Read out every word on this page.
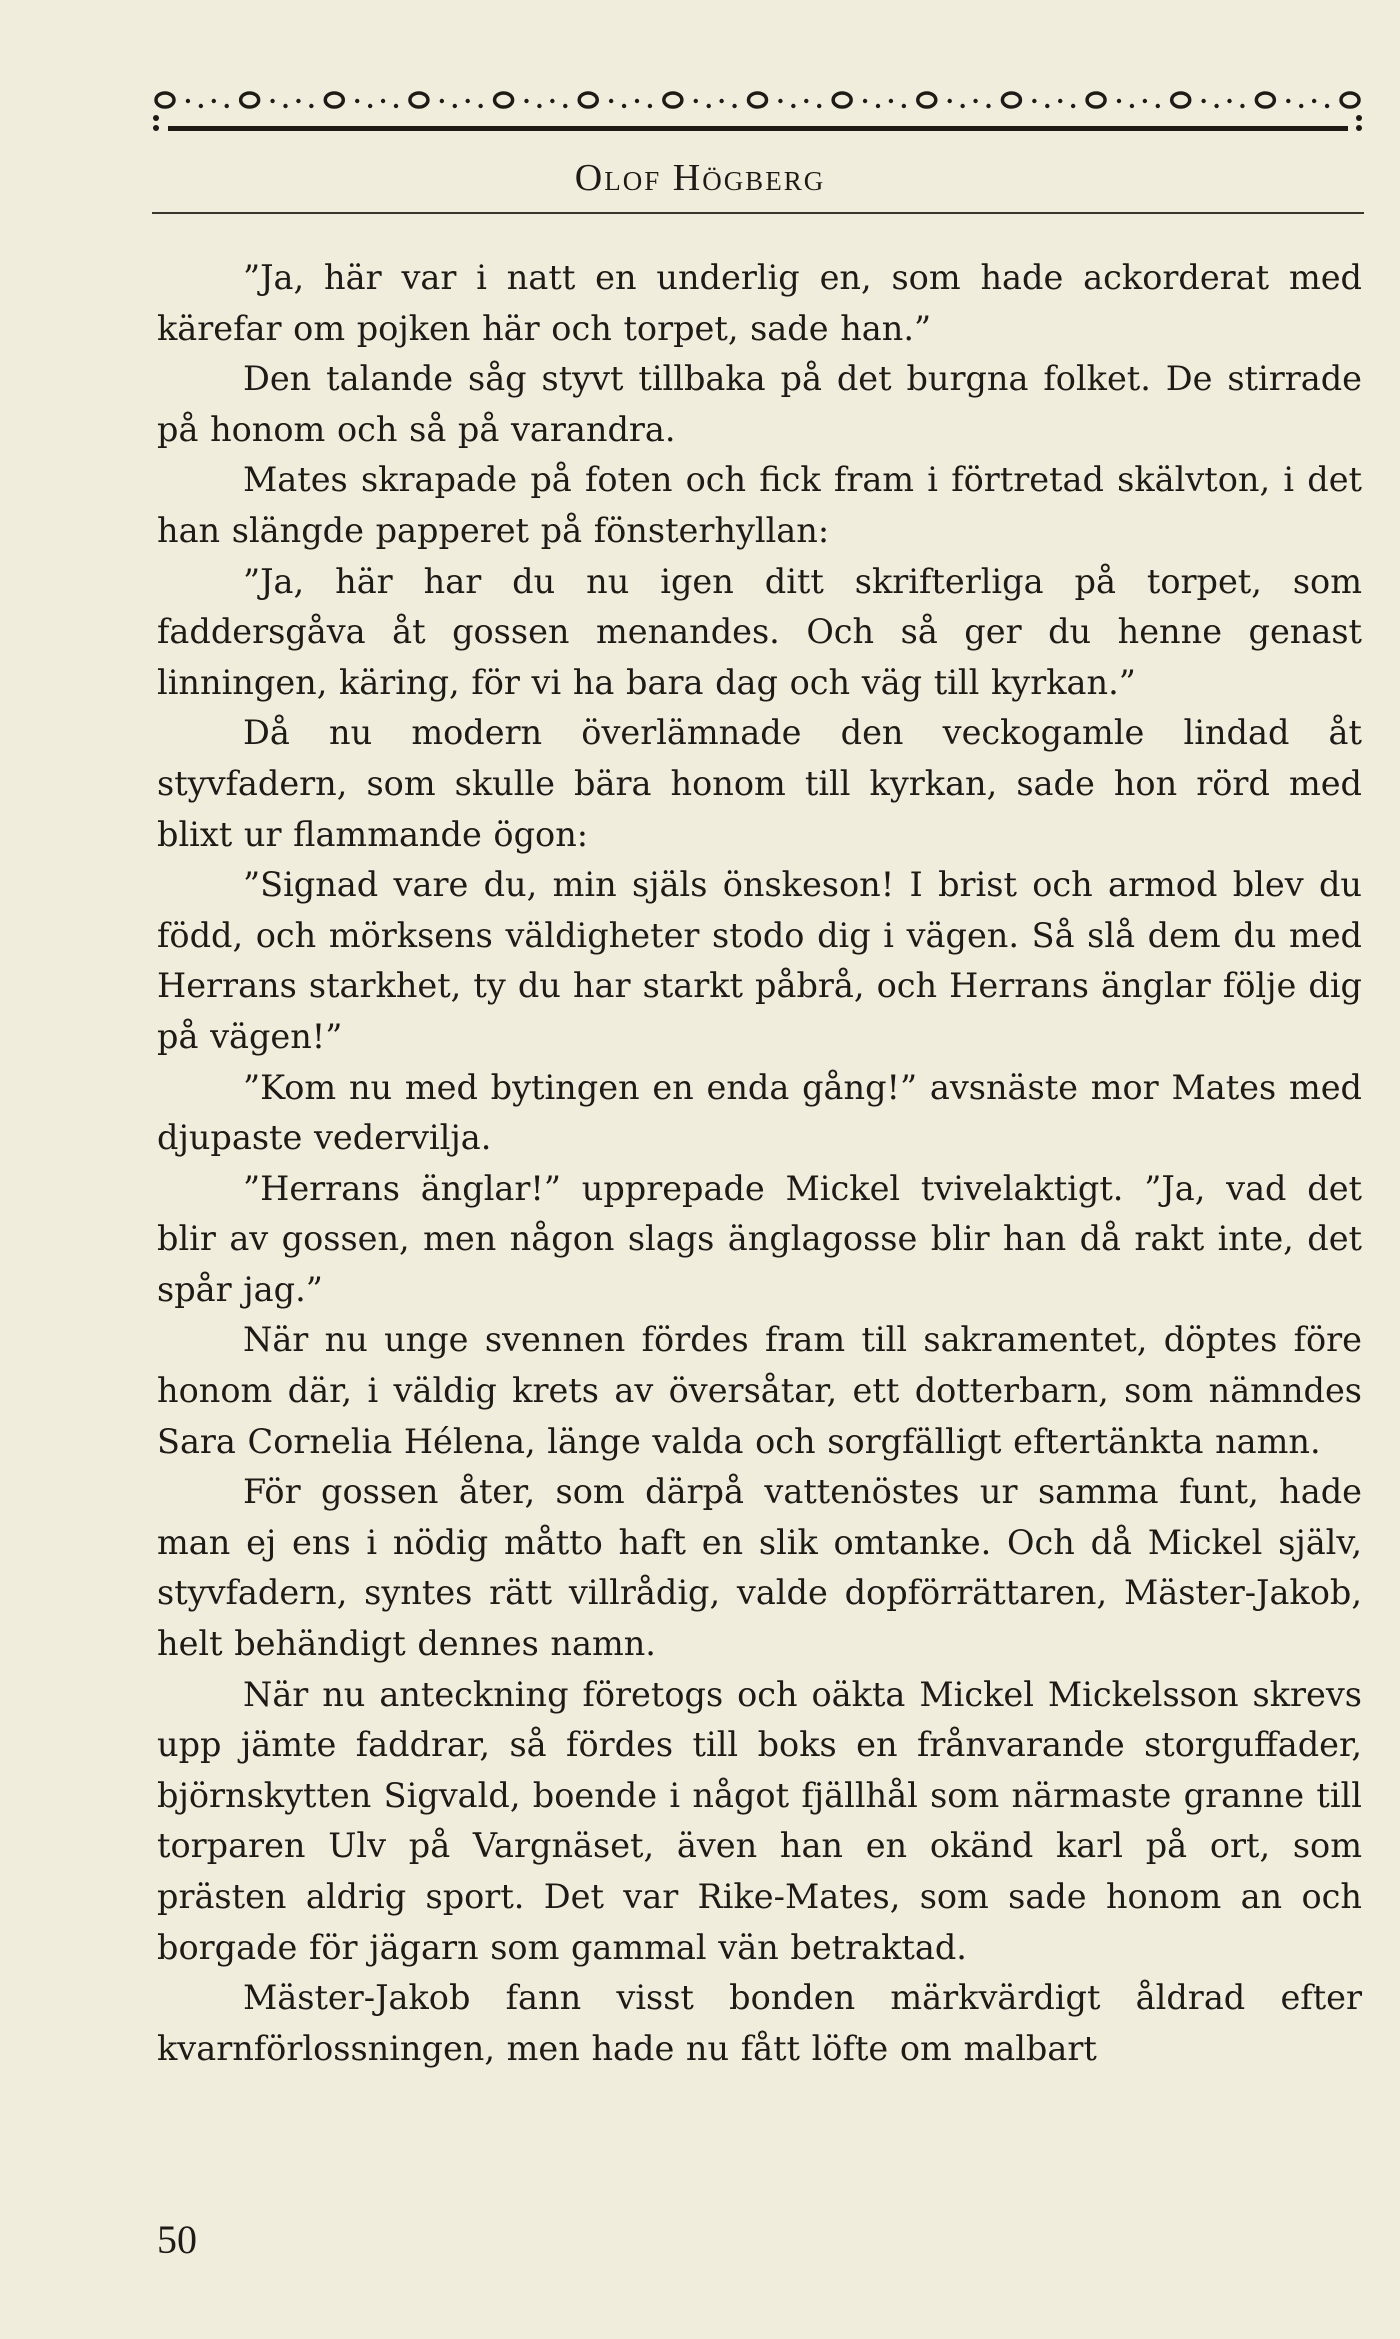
Olof Högberg

”Ja, här var i natt en underlig en, som hade ackorderat med kärefar om pojken här och torpet, sade han.”

Den talande såg styvt tillbaka på det burgna folket. De stirrade på honom och så på varandra.

Mates skrapade på foten och fick fram i förtretad skälvton, i det han slängde papperet på fönsterhyllan:

”Ja, här har du nu igen ditt skrifterliga på torpet, som faddersgåva åt gossen menandes. Och så ger du henne genast linningen, käring, för vi ha bara dag och väg till kyrkan.”

Då nu modern överlämnade den veckogamle lindad åt styvfadern, som skulle bära honom till kyrkan, sade hon rörd med blixt ur flammande ögon:

”Signad vare du, min själs önskeson! I brist och armod blev du född, och mörksens väldigheter stodo dig i vägen. Så slå dem du med Herrans starkhet, ty du har starkt påbrå, och Herrans änglar följe dig på vägen!”

”Kom nu med bytingen en enda gång!” avsnäste mor Mates med djupaste vedervilja.

”Herrans änglar!” upprepade Mickel tvivelaktigt. ”Ja, vad det blir av gossen, men någon slags änglagosse blir han då rakt inte, det spår jag.”

När nu unge svennen fördes fram till sakramentet, döptes före honom där, i väldig krets av översåtar, ett dotterbarn, som nämndes Sara Cornelia Hélena, länge valda och sorgfälligt eftertänkta namn.

För gossen åter, som därpå vattenöstes ur samma funt, hade man ej ens i nödig måtto haft en slik omtanke. Och då Mickel själv, styvfadern, syntes rätt villrådig, valde dopförrättaren, Mäster-Jakob, helt behändigt dennes namn.

När nu anteckning företogs och oäkta Mickel Mickelsson skrevs upp jämte faddrar, så fördes till boks en frånvarande storguffader, björnskytten Sigvald, boende i något fjällhål som närmaste granne till torparen Ulv på Vargnäset, även han en okänd karl på ort, som prästen aldrig sport. Det var Rike-Mates, som sade honom an och borgade för jägarn som gammal vän betraktad.

Mäster-Jakob fann visst bonden märkvärdigt åldrad efter kvarnförlossningen, men hade nu fått löfte om malbart

50
